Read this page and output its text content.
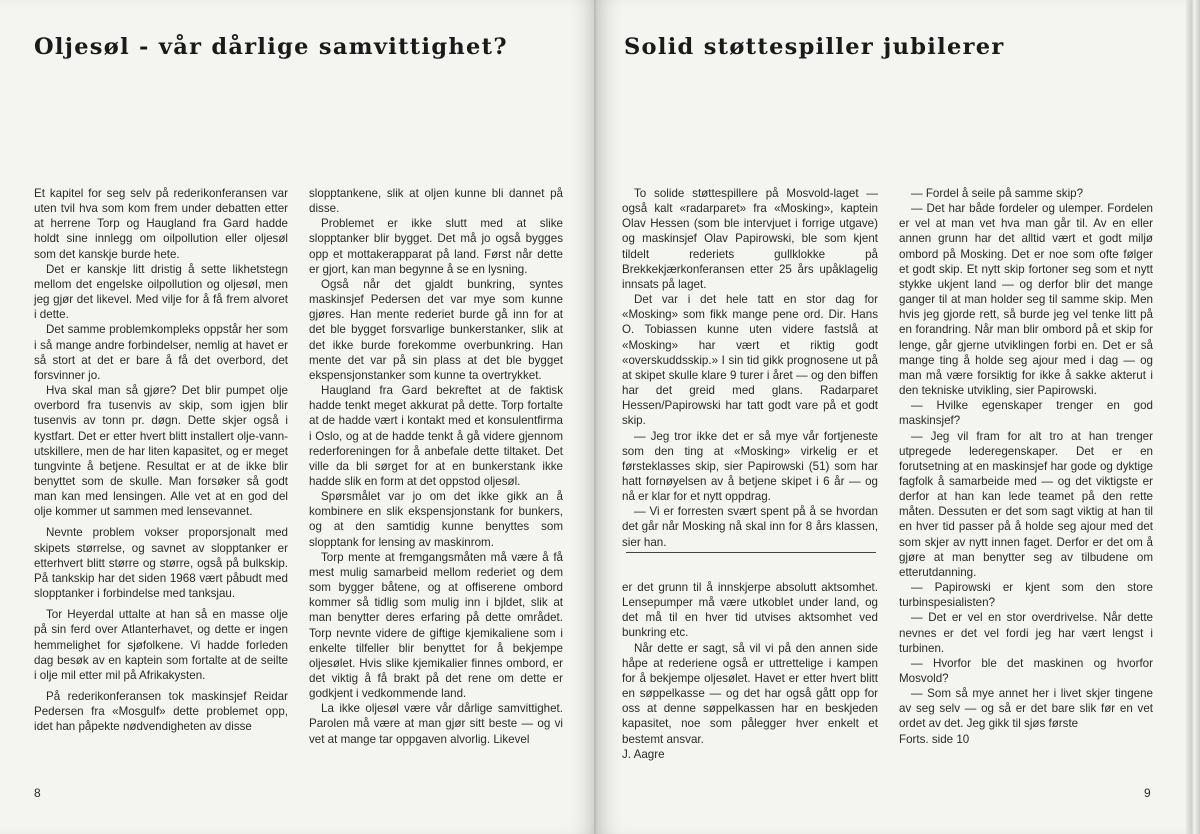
Oljesøl - vår dårlige samvittighet?

Et kapitel for seg selv på rederikonferansen var uten tvil hva som kom frem under debatten etter at herrene Torp og Haugland fra Gard hadde holdt sine innlegg om oilpollution eller oljesøl som det kanskje burde hete.

Det er kanskje litt dristig å sette likhetstegn mellom det engelske oilpollution og oljesøl, men jeg gjør det likevel. Med vilje for å få frem alvoret i dette.

Det samme problemkompleks oppstår her som i så mange andre forbindelser, nemlig at havet er så stort at det er bare å få det overbord, det forsvinner jo.

Hva skal man så gjøre? Det blir pumpet olje overbord fra tusenvis av skip, som igjen blir tusenvis av tonn pr. døgn. Dette skjer også i kystfart. Det er etter hvert blitt installert olje-vann-utskillere, men de har liten kapasitet, og er meget tungvinte å betjene. Resultat er at de ikke blir benyttet som de skulle. Man forsøker så godt man kan med lensingen. Alle vet at en god del olje kommer ut sammen med lensevannet.

Nevnte problem vokser proporsjonalt med skipets størrelse, og savnet av slopptanker er etterhvert blitt større og større, også på bulkskip. På tankskip har det siden 1968 vært påbudt med slopptanker i forbindelse med tanksjau.

Tor Heyerdal uttalte at han så en masse olje på sin ferd over Atlanterhavet, og dette er ingen hemmelighet for sjøfolkene. Vi hadde forleden dag besøk av en kaptein som fortalte at de seilte i olje mil etter mil på Afrikakysten.

På rederikonferansen tok maskinsjef Reidar Pedersen fra «Mosgulf» dette problemet opp, idet han påpekte nødvendigheten av disse

slopptankene, slik at oljen kunne bli dannet på disse.

Problemet er ikke slutt med at slike slopptanker blir bygget. Det må jo også bygges opp et mottakerapparat på land. Først når dette er gjort, kan man begynne å se en lysning.

Også når det gjaldt bunkring, syntes maskinsjef Pedersen det var mye som kunne gjøres. Han mente rederiet burde gå inn for at det ble bygget forsvarlige bunkerstanker, slik at det ikke burde forekomme overbunkring. Han mente det var på sin plass at det ble bygget ekspensjonstanker som kunne ta overtrykket.

Haugland fra Gard bekreftet at de faktisk hadde tenkt meget akkurat på dette. Torp fortalte at de hadde vært i kontakt med et konsulentfirma i Oslo, og at de hadde tenkt å gå videre gjennom rederforeningen for å anbefale dette tiltaket. Det ville da bli sørget for at en bunkerstank ikke hadde slik en form at det oppstod oljesøl.

Spørsmålet var jo om det ikke gikk an å kombinere en slik ekspensjonstank for bunkers, og at den samtidig kunne benyttes som slopptank for lensing av maskinrom.

Torp mente at fremgangsmåten må være å få mest mulig samarbeid mellom rederiet og dem som bygger båtene, og at offiserene ombord kommer så tidlig som mulig inn i bjldet, slik at man benytter deres erfaring på dette området. Torp nevnte videre de giftige kjemikaliene som i enkelte tilfeller blir benyttet for å bekjempe oljesølet. Hvis slike kjemikalier finnes ombord, er det viktig å få brakt på det rene om dette er godkjent i vedkommende land.

La ikke oljesøl være vår dårlige samvittighet. Parolen må være at man gjør sitt beste — og vi vet at mange tar oppgaven alvorlig. Likevel

8
Solid støttespiller jubilerer

To solide støttespillere på Mosvold-laget — også kalt «radarparet» fra «Mosking», kaptein Olav Hessen (som ble intervjuet i forrige utgave) og maskinsjef Olav Papirowski, ble som kjent tildelt rederiets gullklokke på Brekkekjærkonferansen etter 25 års upåklagelig innsats på laget.

Det var i det hele tatt en stor dag for «Mosking» som fikk mange pene ord. Dir. Hans O. Tobiassen kunne uten videre fastslå at «Mosking» har vært et riktig godt «overskuddsskip.» I sin tid gikk prognosene ut på at skipet skulle klare 9 turer i året — og den biffen har det greid med glans. Radarparet Hessen/Papirowski har tatt godt vare på et godt skip.

— Jeg tror ikke det er så mye vår fortjeneste som den ting at «Mosking» virkelig er et førsteklasses skip, sier Papirowski (51) som har hatt fornøyelsen av å betjene skipet i 6 år — og nå er klar for et nytt oppdrag.

— Vi er forresten svært spent på å se hvordan det går når Mosking nå skal inn for 8 års klassen, sier han.

er det grunn til å innskjerpe absolutt aktsomhet. Lensepumper må være utkoblet under land, og det må til en hver tid utvises aktsomhet ved bunkring etc.

Når dette er sagt, så vil vi på den annen side håpe at rederiene også er uttrettelige i kampen for å bekjempe oljesølet. Havet er etter hvert blitt en søppelkasse — og det har også gått opp for oss at denne søppelkassen har en beskjeden kapasitet, noe som pålegger hver enkelt et bestemt ansvar.

J. Aagre

— Fordel å seile på samme skip?

— Det har både fordeler og ulemper. Fordelen er vel at man vet hva man går til. Av en eller annen grunn har det alltid vært et godt miljø ombord på Mosking. Det er noe som ofte følger et godt skip. Et nytt skip fortoner seg som et nytt stykke ukjent land — og derfor blir det mange ganger til at man holder seg til samme skip. Men hvis jeg gjorde rett, så burde jeg vel tenke litt på en forandring. Når man blir ombord på et skip for lenge, går gjerne utviklingen forbi en. Det er så mange ting å holde seg ajour med i dag — og man må være forsiktig for ikke å sakke akterut i den tekniske utvikling, sier Papirowski.

— Hvilke egenskaper trenger en god maskinsjef?

— Jeg vil fram for alt tro at han trenger utpregede lederegenskaper. Det er en forutsetning at en maskinsjef har gode og dyktige fagfolk å samarbeide med — og det viktigste er derfor at han kan lede teamet på den rette måten. Dessuten er det som sagt viktig at han til en hver tid passer på å holde seg ajour med det som skjer av nytt innen faget. Derfor er det om å gjøre at man benytter seg av tilbudene om etterutdanning.

— Papirowski er kjent som den store turbinspesialisten?

— Det er vel en stor overdrivelse. Når dette nevnes er det vel fordi jeg har vært lengst i turbinen.

— Hvorfor ble det maskinen og hvorfor Mosvold?

— Som så mye annet her i livet skjer tingene av seg selv — og så er det bare slik før en vet ordet av det. Jeg gikk til sjøs første

Forts. side 10
9
